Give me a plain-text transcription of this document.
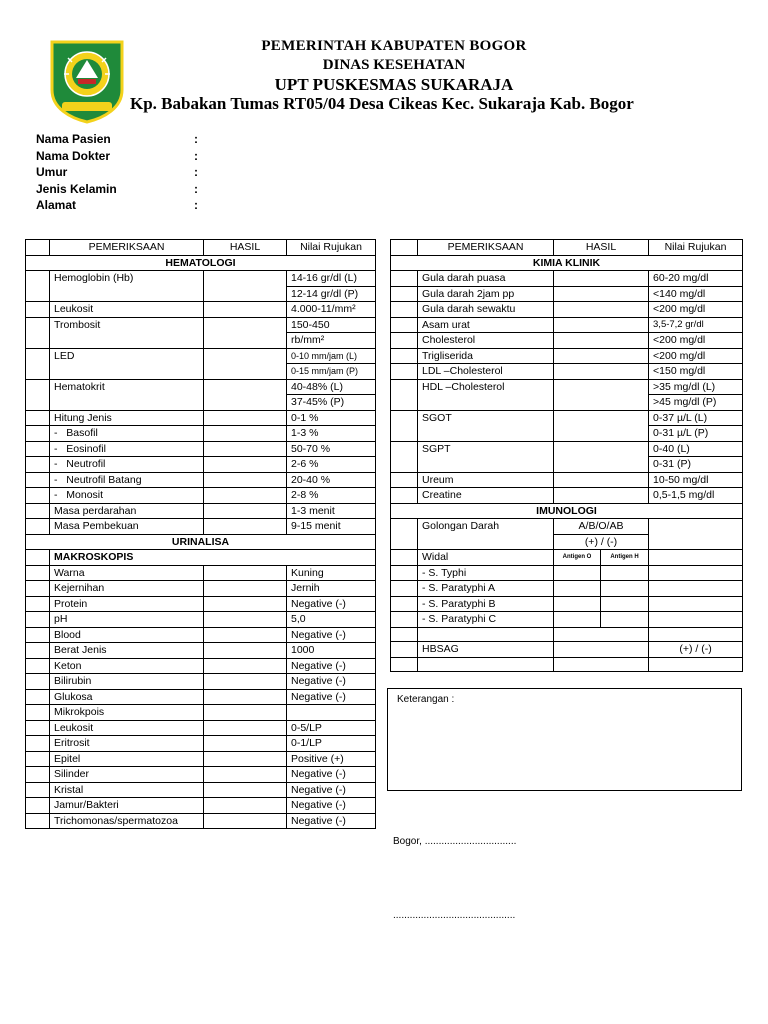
PEMERINTAH KABUPATEN BOGOR
DINAS KESEHATAN
UPT PUSKESMAS SUKARAJA
Kp. Babakan Tumas RT05/04 Desa Cikeas Kec. Sukaraja Kab. Bogor
Nama Pasien	:
Nama Dokter	:
Umur	:
Jenis Kelamin	:
Alamat	:
	PEMERIKSAAN	HASIL	Nilai Rujukan
HEMATOLOGI			
	Hemoglobin (Hb)		14-16 gr/dl (L)
			12-14 gr/dl (P)
	Leukosit		4.000-11/mm²
	Trombosit		150-450
			rb/mm²
	LED		0-10 mm/jam (L)
			0-15 mm/jam (P)
	Hematokrit		40-48% (L)
			37-45% (P)
	Hitung Jenis		0-1 %
	- Basofil		1-3 %
	- Eosinofil		50-70 %
	- Neutrofil		2-6 %
	- Neutrofil Batang		20-40 %
	- Monosit		2-8 %
	Masa perdarahan		1-3 menit
	Masa Pembekuan		9-15 menit
URINALISA			
	MAKROSKOPIS		
	Warna		Kuning
	Kejernihan		Jernih
	Protein		Negative (-)
	pH		5,0
	Blood		Negative (-)
	Berat Jenis		1000
	Keton		Negative (-)
	Bilirubin		Negative (-)
	Glukosa		Negative (-)
	Mikrokpois		
	Leukosit		0-5/LP
	Eritrosit		0-1/LP
	Epitel		Positive (+)
	Silinder		Negative (-)
	Kristal		Negative (-)
	Jamur/Bakteri		Negative (-)
	Trichomonas/spermatozoa		Negative (-)
	PEMERIKSAAN	HASIL		Nilai Rujukan
KIMIA KLINIK				
	Gula darah puasa			60-20 mg/dl
	Gula darah 2jam pp			<140 mg/dl
	Gula darah sewaktu			<200 mg/dl
	Asam urat			3,5-7,2 gr/dl
	Cholesterol			<200 mg/dl
	Trigliserida			<200 mg/dl
	LDL –Cholesterol			<150 mg/dl
	HDL –Cholesterol			>35 mg/dl (L)
				>45 mg/dl (P)
	SGOT			0-37 µ/L (L)
				0-31 µ/L (P)
	SGPT			0-40 (L)
				0-31 (P)
	Ureum			10-50 mg/dl
	Creatine			0,5-1,5 mg/dl
IMUNOLOGI				
	Golongan Darah	A/B/O/AB		
		(+) / (-)		
	Widal	Antigen O	Antigen H	
	- S. Typhi			
	- S. Paratyphi A			
	- S. Paratyphi B			
	- S. Paratyphi C			

	HBSAG			(+) / (-)

Keterangan :
Bogor, .................................
............................................
